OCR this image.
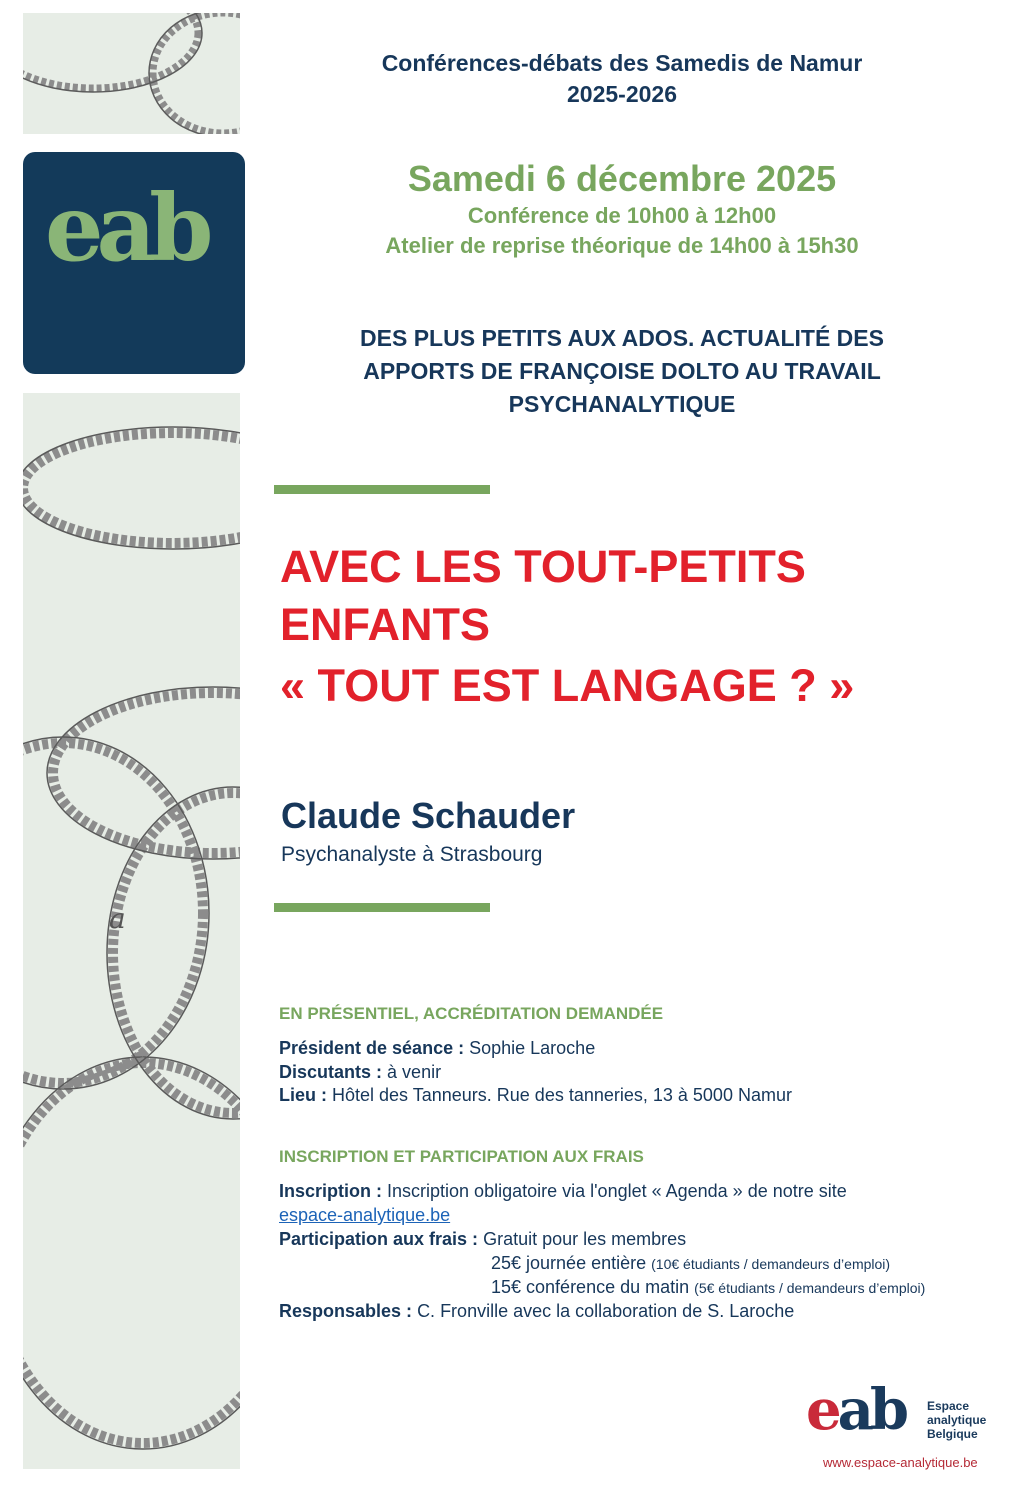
eab
a
Conférences-débats des Samedis de Namur
2025-2026
Samedi 6 décembre 2025
Conférence de 10h00 à 12h00
Atelier de reprise théorique de 14h00 à 15h30
DES PLUS PETITS AUX ADOS. ACTUALITÉ DES
APPORTS DE FRANÇOISE DOLTO AU TRAVAIL
PSYCHANALYTIQUE
AVEC LES TOUT-PETITS
ENFANTS
« TOUT EST LANGAGE ? »
Claude Schauder
Psychanalyste à Strasbourg
EN PRÉSENTIEL, ACCRÉDITATION DEMANDÉE
Président de séance : Sophie Laroche
Discutants : à venir
Lieu : Hôtel des Tanneurs. Rue des tanneries, 13 à 5000 Namur
INSCRIPTION ET PARTICIPATION AUX FRAIS
Inscription : Inscription obligatoire via l'onglet « Agenda » de notre site
espace-analytique.be
Participation aux frais : Gratuit pour les membres
25€ journée entière (10€ étudiants / demandeurs d’emploi)
15€ conférence du matin (5€ étudiants / demandeurs d’emploi)
Responsables : C. Fronville avec la collaboration de S. Laroche
eab Espace
analytique
Belgique
www.espace-analytique.be
